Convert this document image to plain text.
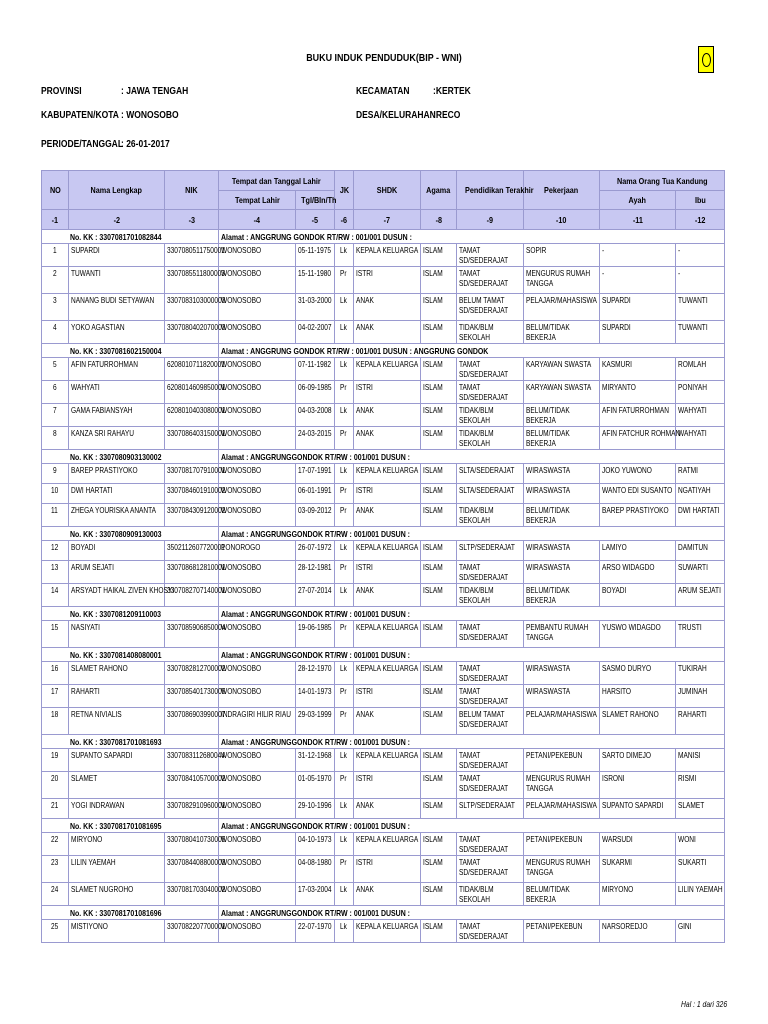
BUKU INDUK PENDUDUK(BIP - WNI)
PROVINSI	: JAWA TENGAH
KABUPATEN/KOTA : WONOSOBO
PERIODE/TANGGAL
: 26-01-2017
KECAMATAN :KERTEK
DESA/KELURAHAN
:RECO
NO	Nama Lengkap	NIK	Tempat dan Tanggal Lahir		JK	SHDK	Agama	Pendidikan Terakhir	Pekerjaan	Nama Orang Tua Kandung	
			Tempat Lahir	Tgl/Bln/Th						Ayah	Ibu
-1	-2	-3	-4	-5	-6	-7	-8	-9	-10	-11	-12
No. KK : 3307081701082844			Alamat : ANGGRUNG GONDOK RT/RW : 001/001 DUSUN :								
1	SUPARDI	3307080511750001	WONOSOBO	05-11-1975	Lk	KEPALA KELUARGA	ISLAM	TAMAT SD/SEDERAJAT	SOPIR	-	-
2	TUWANTI	3307085511800003	WONOSOBO	15-11-1980	Pr	ISTRI	ISLAM	TAMAT SD/SEDERAJAT	MENGURUS RUMAH TANGGA	-	-
3	NANANG BUDI SETYAWAN	3307083103000003	WONOSOBO	31-03-2000	Lk	ANAK	ISLAM	BELUM TAMAT SD/SEDERAJAT	PELAJAR/MAHASISWA	SUPARDI	TUWANTI
4	YOKO AGASTIAN	3307080402070003	WONOSOBO	04-02-2007	Lk	ANAK	ISLAM	TIDAK/BLM SEKOLAH	BELUM/TIDAK BEKERJA	SUPARDI	TUWANTI
No. KK : 3307081602150004			Alamat : ANGGRUNG GONDOK RT/RW : 001/001 DUSUN : ANGGRUNG GONDOK								
5	AFIN FATURROHMAN	6208010711820001	WONOSOBO	07-11-1982	Lk	KEPALA KELUARGA	ISLAM	TAMAT SD/SEDERAJAT	KARYAWAN SWASTA	KASMURI	ROMLAH
6	WAHYATI	6208014609850001	WONOSOBO	06-09-1985	Pr	ISTRI	ISLAM	TAMAT SD/SEDERAJAT	KARYAWAN SWASTA	MIRYANTO	PONIYAH
7	GAMA FABIANSYAH	6208010403080001	WONOSOBO	04-03-2008	Lk	ANAK	ISLAM	TIDAK/BLM SEKOLAH	BELUM/TIDAK BEKERJA	AFIN FATURROHMAN	WAHYATI
8	KANZA SRI RAHAYU	3307086403150001	WONOSOBO	24-03-2015	Pr	ANAK	ISLAM	TIDAK/BLM SEKOLAH	BELUM/TIDAK BEKERJA	AFIN FATCHUR ROHMAN	WAHYATI
No. KK : 3307080903130002			Alamat : ANGGRUNGGONDOK RT/RW : 001/001 DUSUN :								
9	BAREP PRASTIYOKO	3307081707910001	WONOSOBO	17-07-1991	Lk	KEPALA KELUARGA	ISLAM	SLTA/SEDERAJAT	WIRASWASTA	JOKO YUWONO	RATMI
10	DWI HARTATI	3307084601910002	WONOSOBO	06-01-1991	Pr	ISTRI	ISLAM	SLTA/SEDERAJAT	WIRASWASTA	WANTO EDI SUSANTO	NGATIYAH
11	ZHEGA YOURISKA ANANTA	3307084309120002	WONOSOBO	03-09-2012	Pr	ANAK	ISLAM	TIDAK/BLM SEKOLAH	BELUM/TIDAK BEKERJA	BAREP PRASTIYOKO	DWI HARTATI
No. KK : 3307080909130003			Alamat : ANGGRUNGGONDOK RT/RW : 001/001 DUSUN :								
12	BOYADI	3502112607720001	PONOROGO	26-07-1972	Lk	KEPALA KELUARGA	ISLAM	SLTP/SEDERAJAT	WIRASWASTA	LAMIYO	DAMITUN
13	ARUM SEJATI	3307086812810001	WONOSOBO	28-12-1981	Pr	ISTRI	ISLAM	TAMAT SD/SEDERAJAT	WIRASWASTA	ARSO WIDAGDO	SUWARTI
14	ARSYADT HAIKAL ZIVEN KHOSYI	3307082707140001	WONOSOBO	27-07-2014	Lk	ANAK	ISLAM	TIDAK/BLM SEKOLAH	BELUM/TIDAK BEKERJA	BOYADI	ARUM SEJATI
No. KK : 3307081209110003			Alamat : ANGGRUNGGONDOK RT/RW : 001/001 DUSUN :								
15	NASIYATI	3307085906850004	WONOSOBO	19-06-1985	Pr	KEPALA KELUARGA	ISLAM	TAMAT SD/SEDERAJAT	PEMBANTU RUMAH TANGGA	YUSWO WIDAGDO	TRUSTI
No. KK : 3307081408080001			Alamat : ANGGRUNGGONDOK RT/RW : 001/001 DUSUN :								
16	SLAMET RAHONO	3307082812700002	WONOSOBO	28-12-1970	Lk	KEPALA KELUARGA	ISLAM	TAMAT SD/SEDERAJAT	WIRASWASTA	SASMO DURYO	TUKIRAH
17	RAHARTI	3307085401730005	WONOSOBO	14-01-1973	Pr	ISTRI	ISLAM	TAMAT SD/SEDERAJAT	WIRASWASTA	HARSITO	JUMINAH
18	RETNA NIVIALIS	3307086903990007	INDRAGIRI HILIR RIAU	29-03-1999	Pr	ANAK	ISLAM	BELUM TAMAT SD/SEDERAJAT	PELAJAR/MAHASISWA	SLAMET RAHONO	RAHARTI
No. KK : 3307081701081693			Alamat : ANGGRUNGGONDOK RT/RW : 001/001 DUSUN :								
19	SUPANTO SAPARDI	3307083112680044	WONOSOBO	31-12-1968	Lk	KEPALA KELUARGA	ISLAM	TAMAT SD/SEDERAJAT	PETANI/PEKEBUN	SARTO DIMEJO	MANISI
20	SLAMET	3307084105700002	WONOSOBO	01-05-1970	Pr	ISTRI	ISLAM	TAMAT SD/SEDERAJAT	MENGURUS RUMAH TANGGA	ISRONI	RISMI
21	YOGI INDRAWAN	3307082910960001	WONOSOBO	29-10-1996	Lk	ANAK	ISLAM	SLTP/SEDERAJAT	PELAJAR/MAHASISWA	SUPANTO SAPARDI	SLAMET
No. KK : 3307081701081695			Alamat : ANGGRUNGGONDOK RT/RW : 001/001 DUSUN :								
22	MIRYONO	3307080410730005	WONOSOBO	04-10-1973	Lk	KEPALA KELUARGA	ISLAM	TAMAT SD/SEDERAJAT	PETANI/PEKEBUN	WARSUDI	WONI
23	LILIN YAEMAH	3307084408800003	WONOSOBO	04-08-1980	Pr	ISTRI	ISLAM	TAMAT SD/SEDERAJAT	MENGURUS RUMAH TANGGA	SUKARMI	SUKARTI
24	SLAMET NUGROHO	3307081703040002	WONOSOBO	17-03-2004	Lk	ANAK	ISLAM	TIDAK/BLM SEKOLAH	BELUM/TIDAK BEKERJA	MIRYONO	LILIN YAEMAH
No. KK : 3307081701081696			Alamat : ANGGRUNGGONDOK RT/RW : 001/001 DUSUN :								
25	MISTIYONO	3307082207700001	WONOSOBO	22-07-1970	Lk	KEPALA KELUARGA	ISLAM	TAMAT SD/SEDERAJAT	PETANI/PEKEBUN	NARSOREDJO	GINI
Hal : 1 dari 326
